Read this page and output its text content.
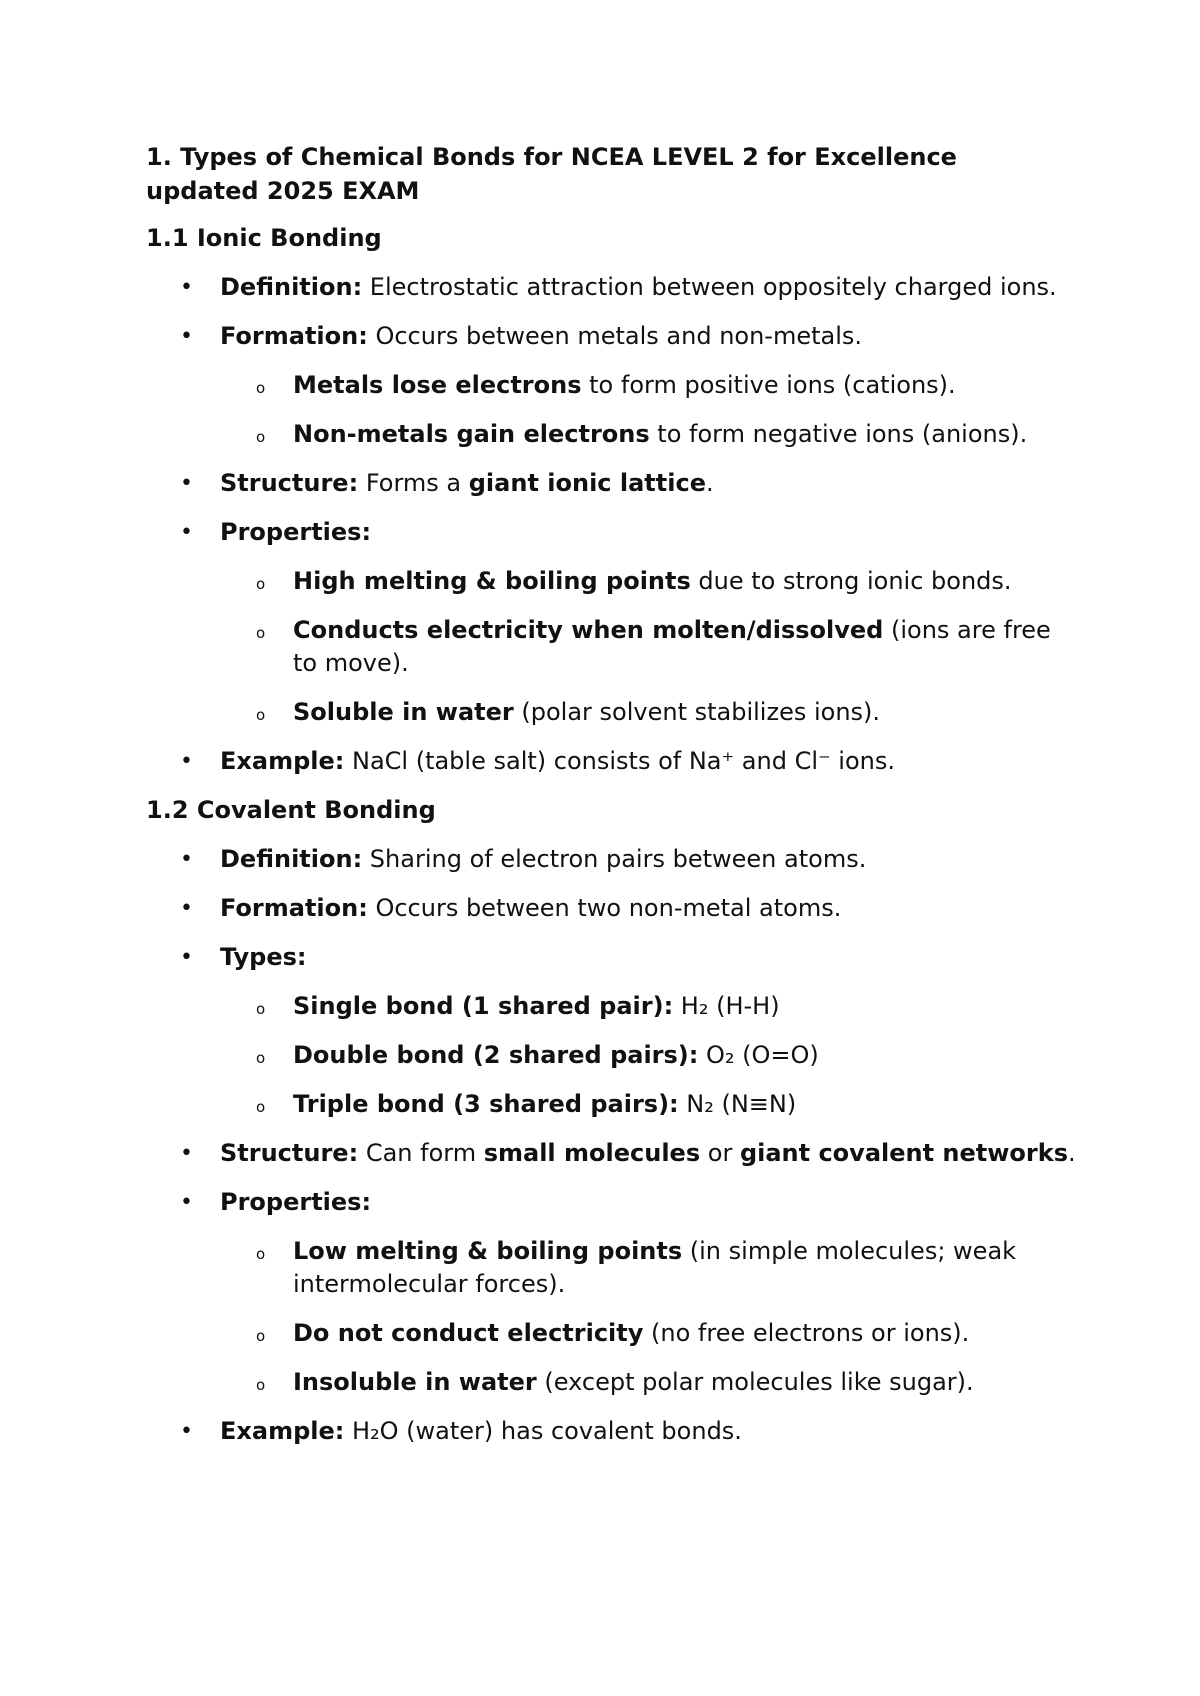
1. Types of Chemical Bonds for NCEA LEVEL 2 for Excellence updated 2025 EXAM
1.1 Ionic Bonding
• Definition: Electrostatic attraction between oppositely charged ions.
• Formation: Occurs between metals and non-metals.
o Metals lose electrons to form positive ions (cations).
o Non-metals gain electrons to form negative ions (anions).
• Structure: Forms a giant ionic lattice.
• Properties:
o High melting & boiling points due to strong ionic bonds.
o Conducts electricity when molten/dissolved (ions are free to move).
o Soluble in water (polar solvent stabilizes ions).
• Example: NaCl (table salt) consists of Na⁺ and Cl⁻ ions.
1.2 Covalent Bonding
• Definition: Sharing of electron pairs between atoms.
• Formation: Occurs between two non-metal atoms.
• Types:
o Single bond (1 shared pair): H₂ (H-H)
o Double bond (2 shared pairs): O₂ (O=O)
o Triple bond (3 shared pairs): N₂ (N≡N)
• Structure: Can form small molecules or giant covalent networks.
• Properties:
o Low melting & boiling points (in simple molecules; weak intermolecular forces).
o Do not conduct electricity (no free electrons or ions).
o Insoluble in water (except polar molecules like sugar).
• Example: H₂O (water) has covalent bonds.
